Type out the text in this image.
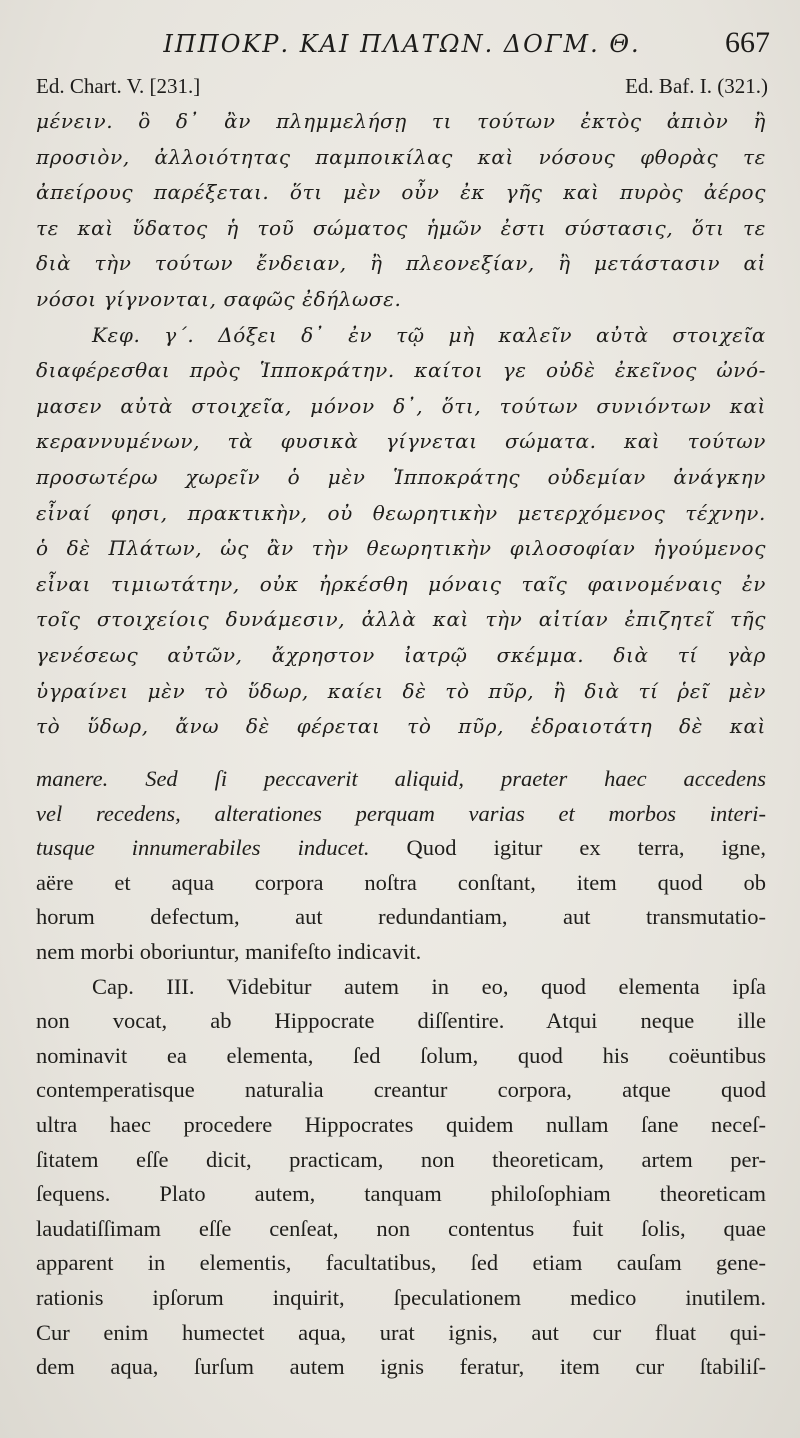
ΙΠΠΟΚΡ. ΚΑΙ ΠΛΑΤΩΝ. ΔΟΓΜ. Θ.	667
Ed. Chart. V. [231.]	Ed. Baf. I. (321.)
μένειν. ὃ δ᾽ ἂν πλημμελήσῃ τι τούτων ἐκτὸς ἀπιὸν ἢ
προσιὸν, ἀλλοιότητας παμποικίλας καὶ νόσους φθορὰς τε
ἀπείρους παρέξεται. ὅτι μὲν οὖν ἐκ γῆς καὶ πυρὸς ἀέρος
τε καὶ ὕδατος ἡ τοῦ σώματος ἡμῶν ἐστι σύστασις, ὅτι τε
διὰ τὴν τούτων ἔνδειαν, ἢ πλεονεξίαν, ἢ μετάστασιν αἱ
νόσοι γίγνονται, σαφῶς ἐδήλωσε.
Κεφ. γ΄. Δόξει δ᾽ ἐν τῷ μὴ καλεῖν αὐτὰ στοιχεῖα
διαφέρεσθαι πρὸς Ἱπποκράτην. καίτοι γε οὐδὲ ἐκεῖνος ὠνό-
μασεν αὐτὰ στοιχεῖα, μόνον δ᾽, ὅτι, τούτων συνιόντων καὶ
κεραννυμένων, τὰ φυσικὰ γίγνεται σώματα. καὶ τούτων
προσωτέρω χωρεῖν ὁ μὲν Ἱπποκράτης οὐδεμίαν ἀνάγκην
εἶναί φησι, πρακτικὴν, οὐ θεωρητικὴν μετερχόμενος τέχνην.
ὁ δὲ Πλάτων, ὡς ἂν τὴν θεωρητικὴν φιλοσοφίαν ἡγούμενος
εἶναι τιμιωτάτην, οὐκ ἠρκέσθη μόναις ταῖς φαινομέναις ἐν
τοῖς στοιχείοις δυνάμεσιν, ἀλλὰ καὶ τὴν αἰτίαν ἐπιζητεῖ τῆς
γενέσεως αὐτῶν, ἄχρηστον ἰατρῷ σκέμμα. διὰ τί γὰρ
ὑγραίνει μὲν τὸ ὕδωρ, καίει δὲ τὸ πῦρ, ἢ διὰ τί ῥεῖ μὲν
τὸ ὕδωρ, ἄνω δὲ φέρεται τὸ πῦρ, ἑδραιοτάτη δὲ καὶ
manere. Sed ſi peccaverit aliquid, praeter haec accedens
vel recedens, alterationes perquam varias et morbos interi-
tusque innumerabiles inducet. Quod igitur ex terra, igne,
aëre et aqua corpora noſtra conſtant, item quod ob
horum defectum, aut redundantiam, aut transmutatio-
nem morbi oboriuntur, manifeſto indicavit.
Cap. III. Videbitur autem in eo, quod elementa ipſa
non vocat, ab Hippocrate diſſentire. Atqui neque ille
nominavit ea elementa, ſed ſolum, quod his coëuntibus
contemperatisque naturalia creantur corpora, atque quod
ultra haec procedere Hippocrates quidem nullam ſane neceſ-
ſitatem eſſe dicit, practicam, non theoreticam, artem per-
ſequens. Plato autem, tanquam philoſophiam theoreticam
laudatiſſimam eſſe cenſeat, non contentus fuit ſolis, quae
apparent in elementis, facultatibus, ſed etiam cauſam gene-
rationis ipſorum inquirit, ſpeculationem medico inutilem.
Cur enim humectet aqua, urat ignis, aut cur fluat qui-
dem aqua, ſurſum autem ignis feratur, item cur ſtabiliſ-
